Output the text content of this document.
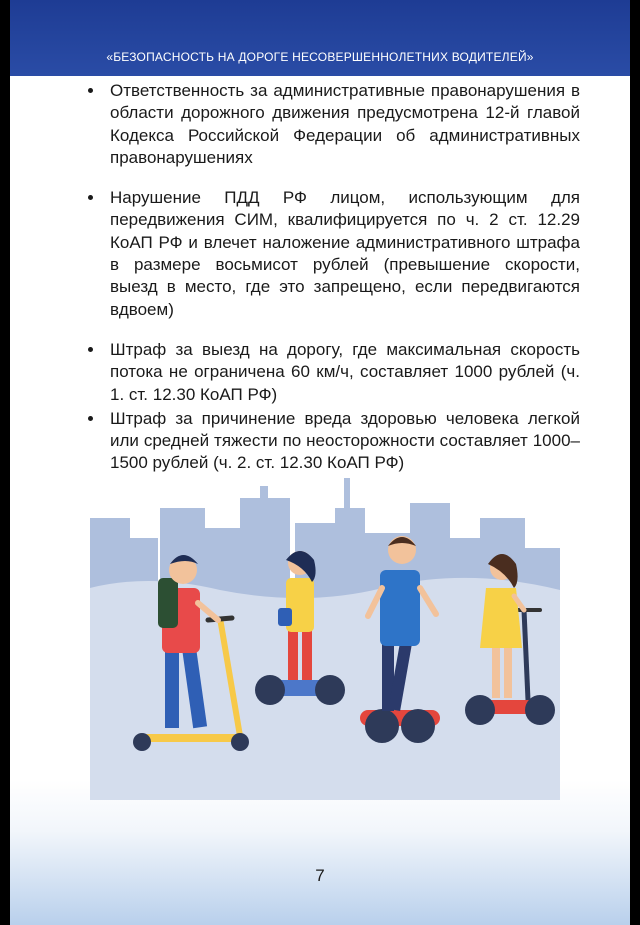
«БЕЗОПАСНОСТЬ НА ДОРОГЕ НЕСОВЕРШЕННОЛЕТНИХ ВОДИТЕЛЕЙ»
Ответственность за административные правонарушения в области дорожного движения предусмотрена 12-й главой Кодекса Российской Федерации об административных правонарушениях
Нарушение ПДД РФ лицом, использующим для передвижения СИМ, квалифицируется по ч. 2 ст. 12.29 КоАП РФ и влечет наложение административного штрафа в размере восьмисот рублей (превышение скорости, выезд в место, где это запрещено, если передвигаются вдвоем)
Штраф за выезд на дорогу, где максимальная скорость потока не ограничена 60 км/ч, составляет 1000 рублей (ч. 1. ст. 12.30 КоАП РФ)
Штраф за причинение вреда здоровью человека легкой или средней тяжести по неосторожности составляет 1000–1500 рублей (ч. 2. ст. 12.30 КоАП РФ)
7
